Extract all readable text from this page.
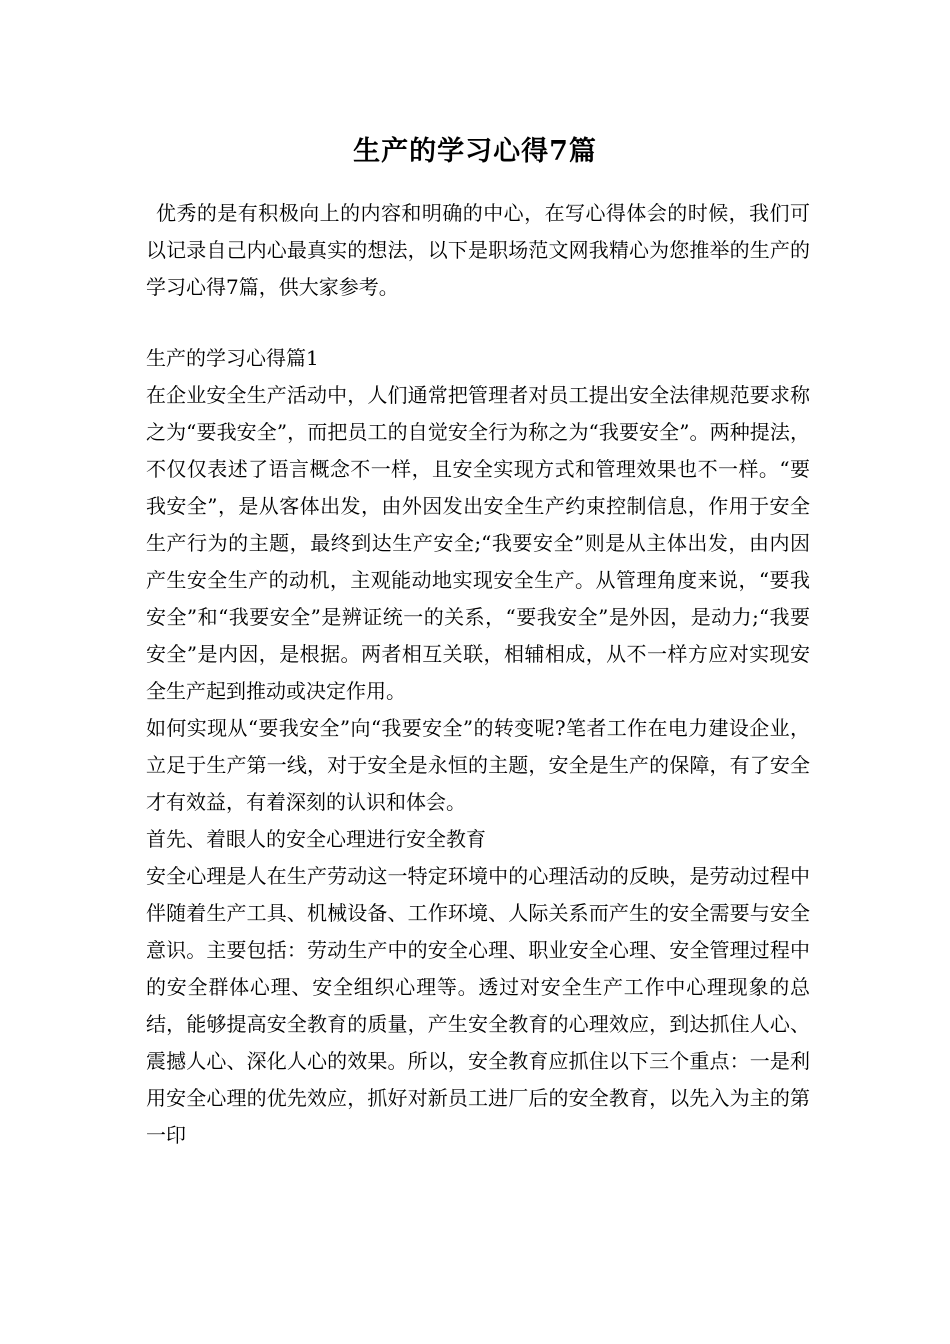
生产的学习心得7篇

优秀的是有积极向上的内容和明确的中心，在写心得体会的时候，我们可以记录自己内心最真实的想法，以下是职场范文网我精心为您推举的生产的学习心得7篇，供大家参考。

生产的学习心得篇1

在企业安全生产活动中，人们通常把管理者对员工提出安全法律规范要求称之为“要我安全”，而把员工的自觉安全行为称之为“我要安全”。两种提法，不仅仅表述了语言概念不一样，且安全实现方式和管理效果也不一样。“要我安全”，是从客体出发，由外因发出安全生产约束控制信息，作用于安全生产行为的主题，最终到达生产安全;“我要安全”则是从主体出发，由内因产生安全生产的动机，主观能动地实现安全生产。从管理角度来说，“要我安全”和“我要安全”是辨证统一的关系，“要我安全”是外因，是动力;“我要安全”是内因，是根据。两者相互关联，相辅相成，从不一样方应对实现安全生产起到推动或决定作用。

如何实现从“要我安全”向“我要安全”的转变呢?笔者工作在电力建设企业，立足于生产第一线，对于安全是永恒的主题，安全是生产的保障，有了安全才有效益，有着深刻的认识和体会。

首先、着眼人的安全心理进行安全教育

安全心理是人在生产劳动这一特定环境中的心理活动的反映，是劳动过程中伴随着生产工具、机械设备、工作环境、人际关系而产生的安全需要与安全意识。主要包括：劳动生产中的安全心理、职业安全心理、安全管理过程中的安全群体心理、安全组织心理等。透过对安全生产工作中心理现象的总结，能够提高安全教育的质量，产生安全教育的心理效应，到达抓住人心、震撼人心、深化人心的效果。所以，安全教育应抓住以下三个重点：一是利用安全心理的优先效应，抓好对新员工进厂后的安全教育，以先入为主的第一印
